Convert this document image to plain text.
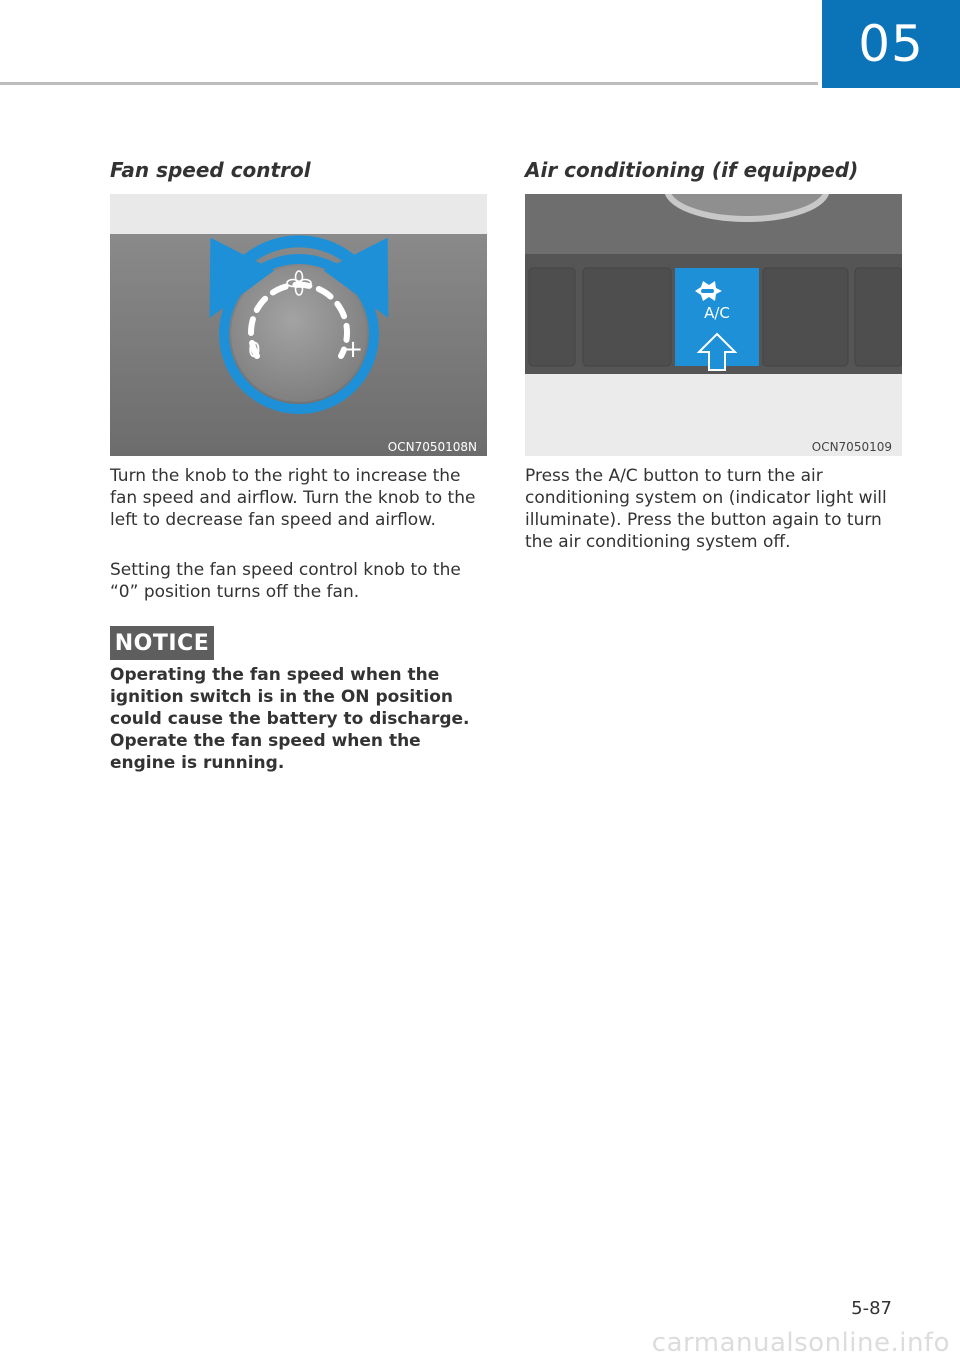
05
Fan speed control
0	+
OCN7050108N

Turn the knob to the right to increase the fan speed and airflow. Turn the knob to the left to decrease fan speed and airflow.

Setting the fan speed control knob to the “0” position turns off the fan.

NOTICE

Operating the fan speed when the ignition switch is in the ON position could cause the battery to discharge. Operate the fan speed when the engine is running.

Air conditioning (if equipped)
A/C
OCN7050109

Press the A/C button to turn the air conditioning system on (indicator light will illuminate). Press the button again to turn the air conditioning system off.

5-87
carmanualsonline.info
